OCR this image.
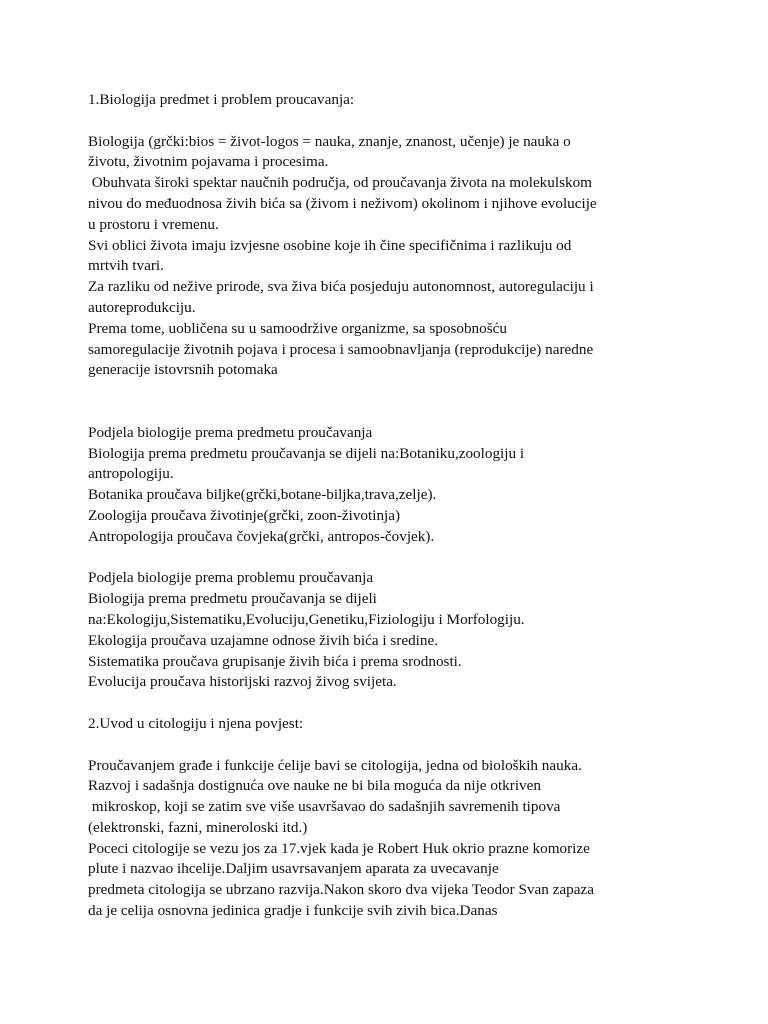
1.Biologija predmet i problem proucavanja:
Biologija (grčki:bios = život-logos = nauka, znanje, znanost, učenje) je nauka o
životu, životnim pojavama i procesima.
Obuhvata široki spektar naučnih područja, od proučavanja života na molekulskom
nivou do međuodnosa živih bića sa (živom i neživom) okolinom i njihove evolucije
u prostoru i vremenu.
Svi oblici života imaju izvjesne osobine koje ih čine specifičnima i razlikuju od
mrtvih tvari.
Za razliku od nežive prirode, sva živa bića posjeduju autonomnost, autoregulaciju i
autoreprodukciju.
Prema tome, uobličena su u samoodržive organizme, sa sposobnošću
samoregulacije životnih pojava i procesa i samoobnavljanja (reprodukcije) naredne
generacije istovrsnih potomaka
Podjela biologije prema predmetu proučavanja
Biologija prema predmetu proučavanja se dijeli na:Botaniku,zoologiju i
antropologiju.
Botanika proučava biljke(grčki,botane-biljka,trava,zelje).
Zoologija proučava životinje(grčki, zoon-životinja)
Antropologija proučava čovjeka(grčki, antropos-čovjek).
Podjela biologije prema problemu proučavanja
Biologija prema predmetu proučavanja se dijeli
na:Ekologiju,Sistematiku,Evoluciju,Genetiku,Fiziologiju i Morfologiju.
Ekologija proučava uzajamne odnose živih bića i sredine.
Sistematika proučava grupisanje živih bića i prema srodnosti.
Evolucija proučava historijski razvoj živog svijeta.
2.Uvod u citologiju i njena povjest:
Proučavanjem građe i funkcije ćelije bavi se citologija, jedna od bioloških nauka.
Razvoj i sadašnja dostignuća ove nauke ne bi bila moguća da nije otkriven
mikroskop, koji se zatim sve više usavršavao do sadašnjih savremenih tipova
(elektronski, fazni, mineroloski itd.)
Poceci citologije se vezu jos za 17.vjek kada je Robert Huk okrio prazne komorize
plute i nazvao ihcelije.Daljim usavrsavanjem aparata za uvecavanje
predmeta citologija se ubrzano razvija.Nakon skoro dva vijeka Teodor Svan zapaza
da je celija osnovna jedinica gradje i funkcije svih zivih bica.Danas
